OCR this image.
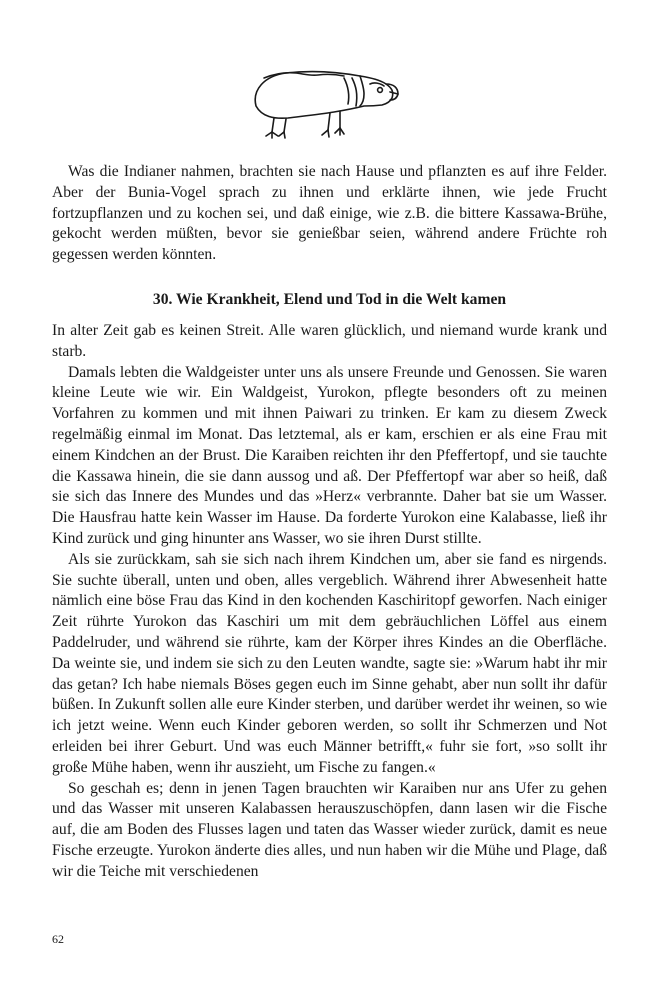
Was die Indianer nahmen, brachten sie nach Hause und pflanzten es auf ihre Felder. Aber der Bunia-Vogel sprach zu ihnen und erklärte ihnen, wie jede Frucht fortzupflanzen und zu kochen sei, und daß einige, wie z.B. die bittere Kassawa-Brühe, gekocht werden müßten, bevor sie genießbar seien, während andere Früchte roh gegessen werden könnten.

30. Wie Krankheit, Elend und Tod in die Welt kamen

In alter Zeit gab es keinen Streit. Alle waren glücklich, und niemand wurde krank und starb.

Damals lebten die Waldgeister unter uns als unsere Freunde und Genossen. Sie waren kleine Leute wie wir. Ein Waldgeist, Yurokon, pflegte besonders oft zu meinen Vorfahren zu kommen und mit ihnen Paiwari zu trinken. Er kam zu diesem Zweck regelmäßig einmal im Monat. Das letztemal, als er kam, erschien er als eine Frau mit einem Kindchen an der Brust. Die Karaiben reichten ihr den Pfeffertopf, und sie tauchte die Kassawa hinein, die sie dann aussog und aß. Der Pfeffertopf war aber so heiß, daß sie sich das Innere des Mundes und das »Herz« verbrannte. Daher bat sie um Wasser. Die Hausfrau hatte kein Wasser im Hause. Da forderte Yurokon eine Kalabasse, ließ ihr Kind zurück und ging hinunter ans Wasser, wo sie ihren Durst stillte.

Als sie zurückkam, sah sie sich nach ihrem Kindchen um, aber sie fand es nirgends. Sie suchte überall, unten und oben, alles vergeblich. Während ihrer Abwesenheit hatte nämlich eine böse Frau das Kind in den kochenden Kaschiritopf geworfen. Nach einiger Zeit rührte Yurokon das Kaschiri um mit dem gebräuchlichen Löffel aus einem Paddelruder, und während sie rührte, kam der Körper ihres Kindes an die Oberfläche. Da weinte sie, und indem sie sich zu den Leuten wandte, sagte sie: »Warum habt ihr mir das getan? Ich habe niemals Böses gegen euch im Sinne gehabt, aber nun sollt ihr dafür büßen. In Zukunft sollen alle eure Kinder sterben, und darüber werdet ihr weinen, so wie ich jetzt weine. Wenn euch Kinder geboren werden, so sollt ihr Schmerzen und Not erleiden bei ihrer Geburt. Und was euch Männer betrifft,« fuhr sie fort, »so sollt ihr große Mühe haben, wenn ihr auszieht, um Fische zu fangen.«

So geschah es; denn in jenen Tagen brauchten wir Karaiben nur ans Ufer zu gehen und das Wasser mit unseren Kalabassen herauszuschöpfen, dann lasen wir die Fische auf, die am Boden des Flusses lagen und taten das Wasser wieder zurück, damit es neue Fische erzeugte. Yurokon änderte dies alles, und nun haben wir die Mühe und Plage, daß wir die Teiche mit verschiedenen

62
